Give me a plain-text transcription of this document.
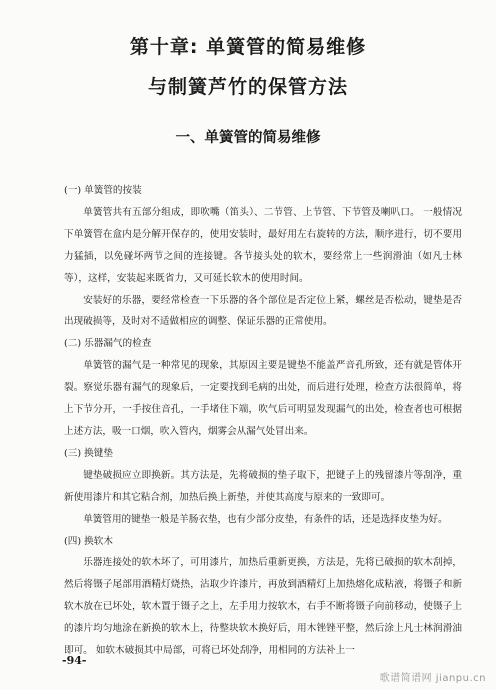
第十章: 单簧管的简易维修
与制簧芦竹的保管方法
一、单簧管的简易维修

(一) 单簧管的按装

单簧管共有五部分组成，即吹嘴（笛头）、二节管、上节管、下节管及喇叭口。 一般情况下单簧管在盒内是分解开保存的，使用安装时，最好用左右旋转的方法，顺序进行，切不要用力猛插，以免碰坏两节之间的连接键。各节接头处的软木，要经常上一些润滑油（如凡士林等），这样，安装起来既省力，又可延长软木的使用时间。

安装好的乐器，要经常检查一下乐器的各个部位是否定位上紧，螺丝是否松动，键垫是否出现破损等，及时对不适做相应的调整、保证乐器的正常使用。

(二) 乐器漏气的检查

单簧管的漏气是一种常见的现象，其原因主要是键垫不能盖严音孔所致，还有就是管体开裂。察觉乐器有漏气的现象后，一定要找到毛病的出处，而后进行处理，检查方法很简单，将上下节分开，一手按住音孔，一手堵住下端，吹气后可明显发现漏气的出处，检查者也可根据上述方法，吸一口烟，吹入管内，烟雾会从漏气处冒出来。

(三) 换键垫

键垫破损应立即换新。其方法是，先将破损的垫子取下，把键子上的残留漆片等刮净，重新使用漆片和其它粘合剂，加热后换上新垫，并使其高度与原来的一致即可。

单簧管用的键垫一般是羊肠衣垫，也有少部分皮垫，有条件的话，还是选择皮垫为好。

(四) 换软木

乐器连接处的软木坏了，可用漆片，加热后重新更换，方法是，先将已破损的软木刮掉，然后将镊子尾部用酒精灯烧热，沾取少许漆片，再放到酒精灯上加热熔化成粘液，将镊子和新软木放在已坏处，软木置于镊子之上，左手用力按软木，右手不断将镊子向前移动，使镊子上的漆片均匀地涂在新换的软木上，待整块软木换好后，用木锉锉平整，然后涂上凡士林润滑油即可。 如软木破损其中局部，可将已坏处刮净，用相同的方法补上一

-94-
歌谱简谱网 jianpu.cn
